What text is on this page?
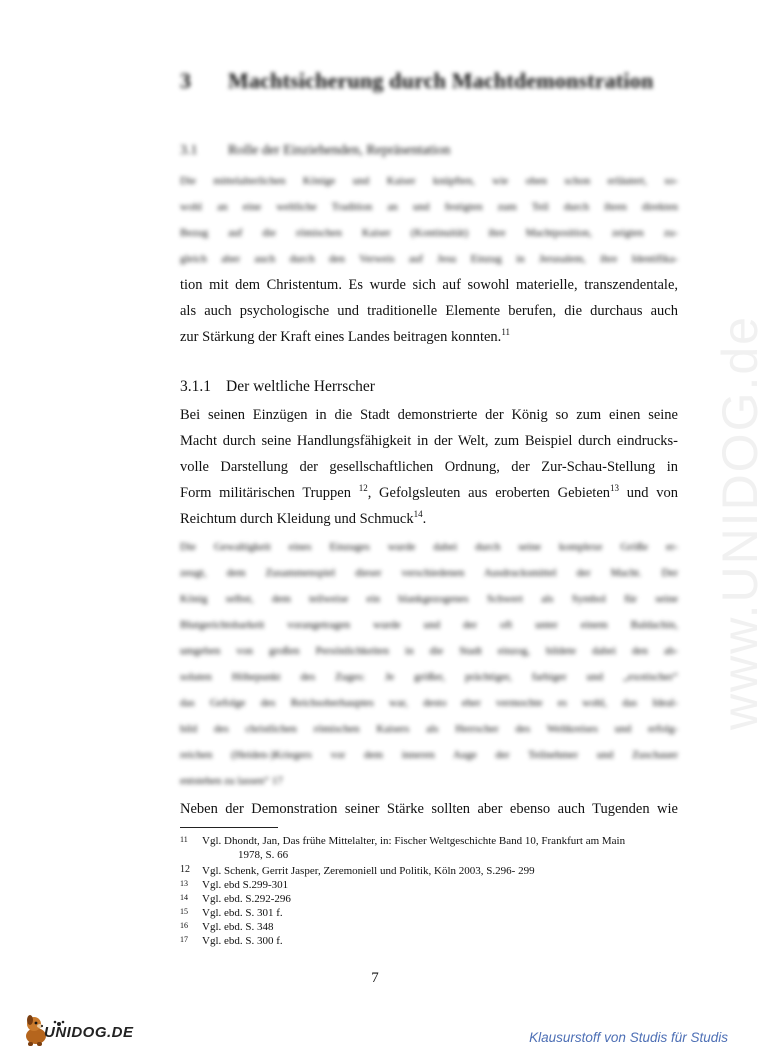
www.UNIDOG.de
3 Machtsicherung durch Machtdemonstration
3.1 Rolle der Einziehenden, Repräsentation
Die mittelalterlichen Könige und Kaiser knüpften, wie oben schon erläutert, so-
wohl an eine weltliche Tradition an und festigten zum Teil durch ihren direkten
Bezug auf die römischen Kaiser (Kontinuität) ihre Machtposition, zeigten zu-
gleich aber auch durch den Verweis auf Jesu Einzug in Jerusalem, ihre Identifika-
tion mit dem Christentum. Es wurde sich auf sowohl materielle, transzendentale,
als auch psychologische und traditionelle Elemente berufen, die durchaus auch
zur Stärkung der Kraft eines Landes beitragen konnten.$^{11}$
3.1.1 Der weltliche Herrscher
Bei seinen Einzügen in die Stadt demonstrierte der König so zum einen seine
Macht durch seine Handlungsfähigkeit in der Welt, zum Beispiel durch eindrucks-
volle Darstellung der gesellschaftlichen Ordnung, der Zur-Schau-Stellung in
Form militärischen Truppen $^{12}$, Gefolgsleuten aus eroberten Gebieten$^{13}$ und von
Reichtum durch Kleidung und Schmuck$^{14}$.
Die Gewaltigkeit eines Einzuges wurde dabei durch seine komplexe Größe er-
zeugt, dem Zusammenspiel dieser verschiedenen Ausdrucksmittel der Macht. Der
König selbst, dem teilweise ein blankgezogenes Schwert als Symbol für seine
Blutgerichtsbarkeit vorangetragen wurde und der oft unter einem Baldachin,
umgeben von großen Persönlichkeiten in die Stadt einzog, bildete dabei den ab-
soluten Höhepunkt des Zuges: Je größer, prächtiger, farbiger und „exotischer“
das Gefolge des Reichsoberhauptes war, desto eher vermochte es wohl, das Ideal-
bild des christlichen römischen Kaisers als Herrscher des Weltkreises und erfolg-
reichen (Heiden-)Kriegers vor dem inneren Auge der Teilnehmer und Zuschauer
entstehen zu lassen“ 17
Neben der Demonstration seiner Stärke sollten aber ebenso auch Tugenden wie
11 Vgl. Dhondt, Jan, Das frühe Mittelalter, in: Fischer Weltgeschichte Band 10, Frankfurt am Main
1978, S. 66
12 Vgl. Schenk, Gerrit Jasper, Zeremoniell und Politik, Köln 2003, S.296- 299
13 Vgl. ebd S.299-301
14 Vgl. ebd. S.292-296
15 Vgl. ebd. S. 301 f.
16 Vgl. ebd. S. 348
17 Vgl. ebd. S. 300 f.
7
UNIDOG.DE	Klausurstoff von Studis für Studis
